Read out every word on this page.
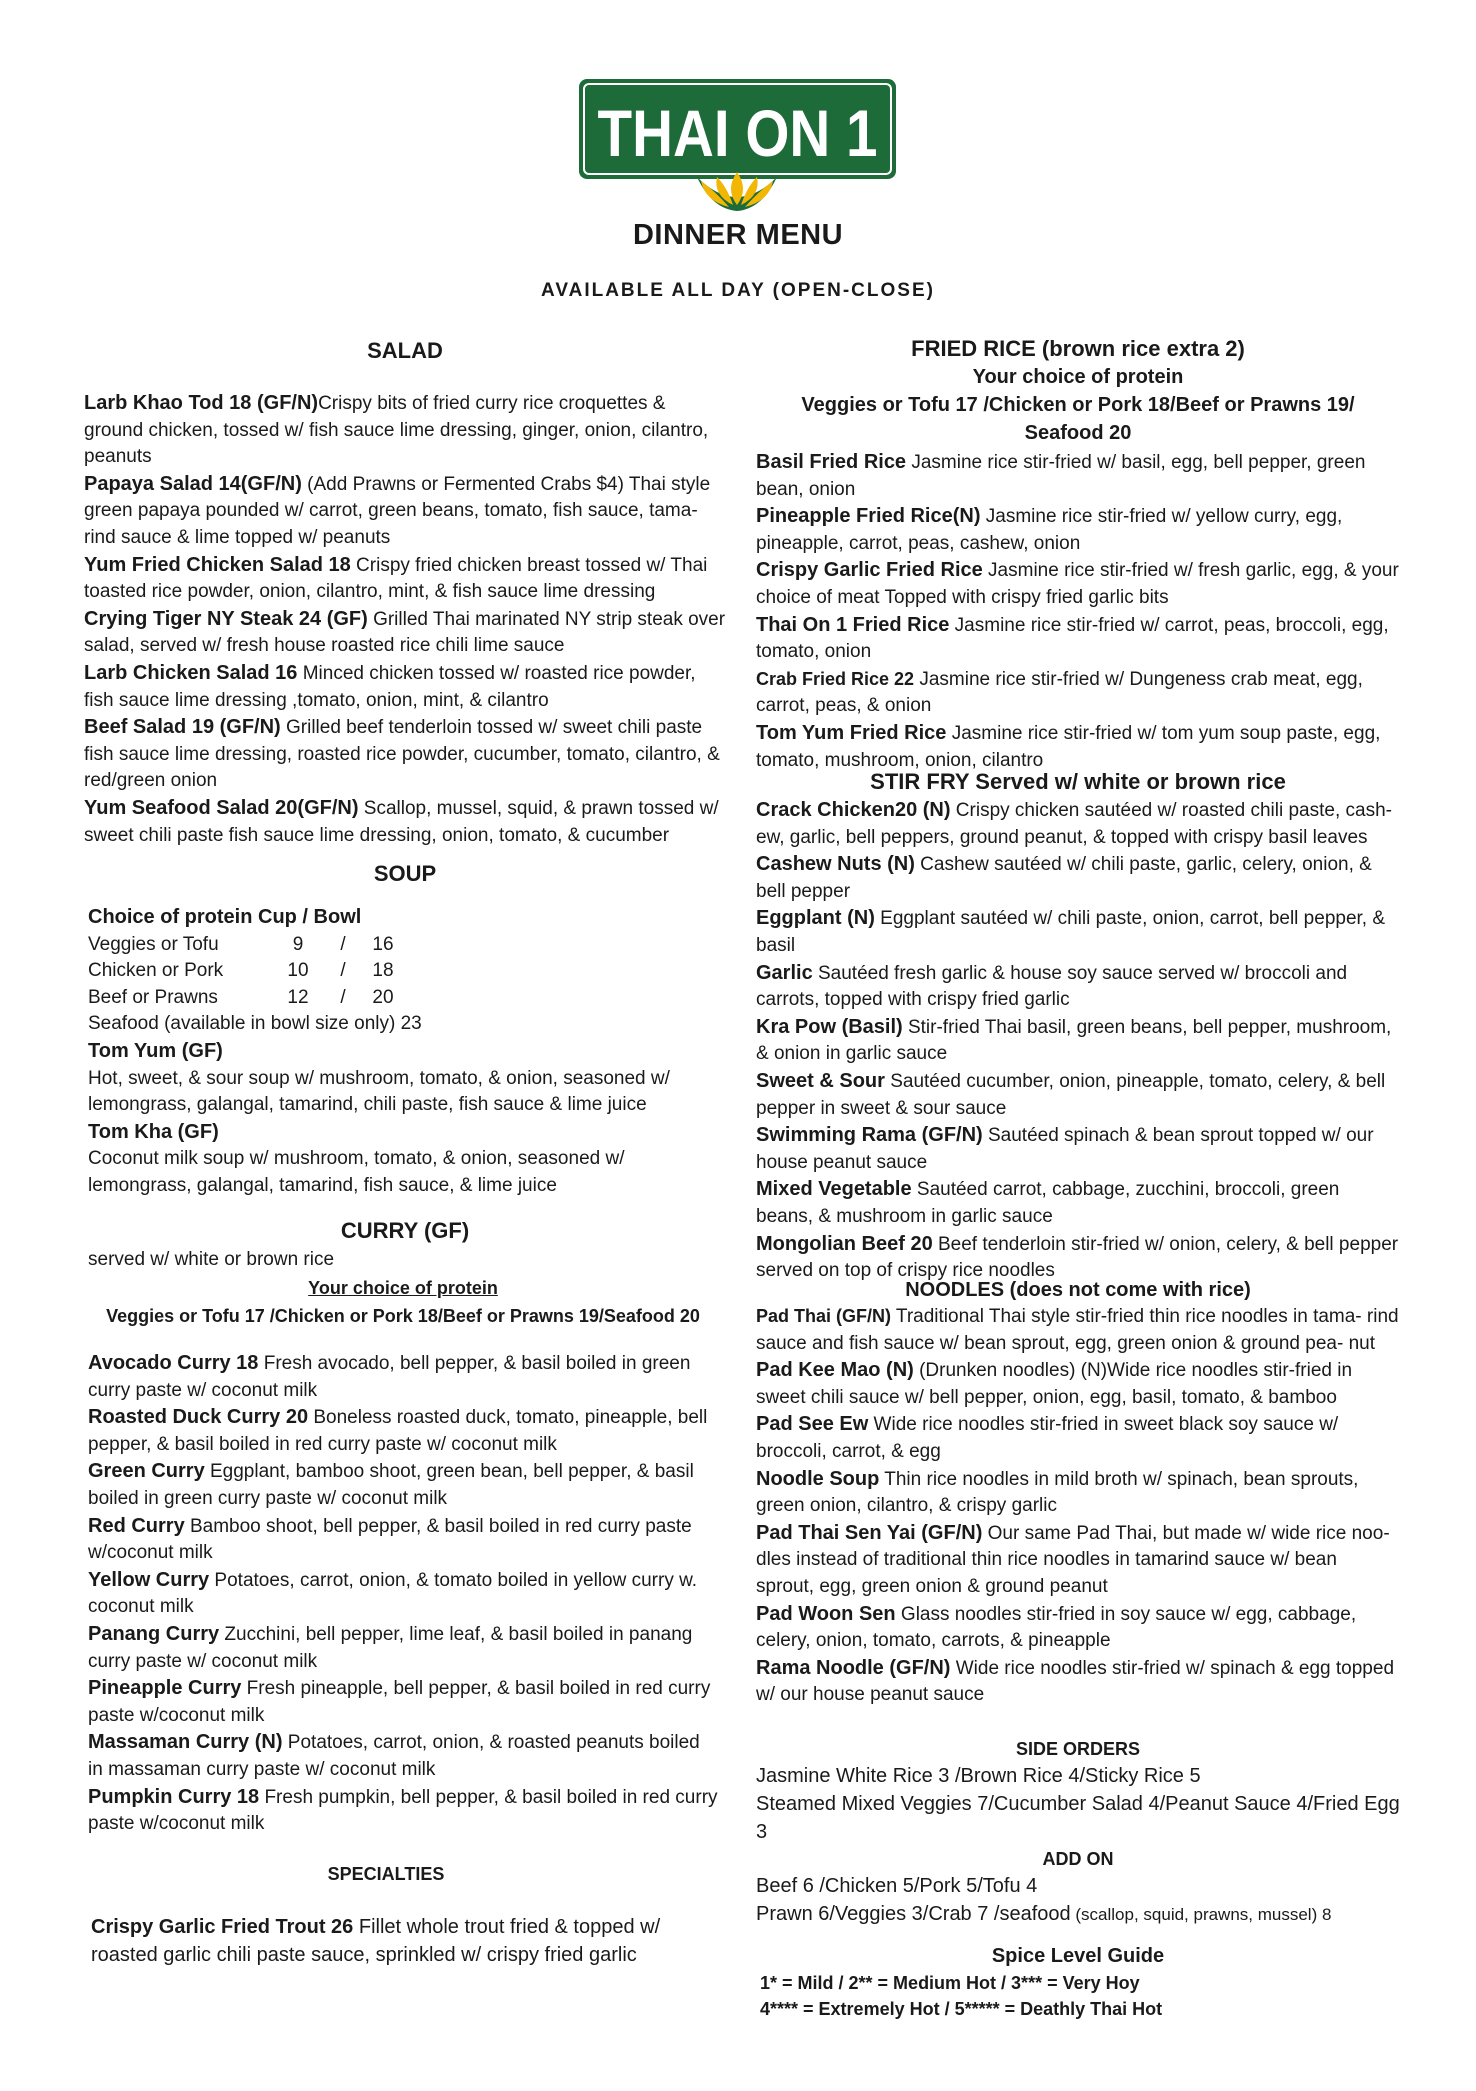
THAI ON 1
DINNER MENU
AVAILABLE ALL DAY (OPEN-CLOSE)
SALAD
Larb Khao Tod 18 (GF/N)Crispy bits of fried curry rice croquettes & ground chicken, tossed w/ fish sauce lime dressing, ginger, onion, cilantro, peanuts
Papaya Salad 14(GF/N) (Add Prawns or Fermented Crabs $4) Thai style green papaya pounded w/ carrot, green beans, tomato, fish sauce, tama- rind sauce & lime topped w/ peanuts
Yum Fried Chicken Salad 18 Crispy fried chicken breast tossed w/ Thai toasted rice powder, onion, cilantro, mint, & fish sauce lime dressing
Crying Tiger NY Steak 24 (GF) Grilled Thai marinated NY strip steak over salad, served w/ fresh house roasted rice chili lime sauce
Larb Chicken Salad 16 Minced chicken tossed w/ roasted rice powder, fish sauce lime dressing ,tomato, onion, mint, & cilantro
Beef Salad 19 (GF/N) Grilled beef tenderloin tossed w/ sweet chili paste fish sauce lime dressing, roasted rice powder, cucumber, tomato, cilantro, & red/green onion
Yum Seafood Salad 20(GF/N) Scallop, mussel, squid, & prawn tossed w/ sweet chili paste fish sauce lime dressing, onion, tomato, & cucumber
SOUP
Choice of protein Cup / Bowl
Veggies or Tofu	9	/	16
Chicken or Pork	10	/	18
Beef or Prawns	12	/	20
Seafood (available in bowl size only) 23
Tom Yum (GF)
Hot, sweet, & sour soup w/ mushroom, tomato, & onion, seasoned w/ lemongrass, galangal, tamarind, chili paste, fish sauce & lime juice
Tom Kha (GF)
Coconut milk soup w/ mushroom, tomato, & onion, seasoned w/ lemongrass, galangal, tamarind, fish sauce, & lime juice
CURRY (GF)
served w/ white or brown rice
Your choice of protein
Veggies or Tofu 17 /Chicken or Pork 18/Beef or Prawns 19/Seafood 20
Avocado Curry 18 Fresh avocado, bell pepper, & basil boiled in green curry paste w/ coconut milk
Roasted Duck Curry 20 Boneless roasted duck, tomato, pineapple, bell pepper, & basil boiled in red curry paste w/ coconut milk
Green Curry Eggplant, bamboo shoot, green bean, bell pepper, & basil boiled in green curry paste w/ coconut milk
Red Curry Bamboo shoot, bell pepper, & basil boiled in red curry paste w/coconut milk
Yellow Curry Potatoes, carrot, onion, & tomato boiled in yellow curry w. coconut milk
Panang Curry Zucchini, bell pepper, lime leaf, & basil boiled in panang curry paste w/ coconut milk
Pineapple Curry Fresh pineapple, bell pepper, & basil boiled in red curry paste w/coconut milk
Massaman Curry (N) Potatoes, carrot, onion, & roasted peanuts boiled in massaman curry paste w/ coconut milk
Pumpkin Curry 18 Fresh pumpkin, bell pepper, & basil boiled in red curry paste w/coconut milk
SPECIALTIES
Crispy Garlic Fried Trout 26 Fillet whole trout fried & topped w/ roasted garlic chili paste sauce, sprinkled w/ crispy fried garlic
FRIED RICE (brown rice extra 2)
Your choice of protein
Veggies or Tofu 17 /Chicken or Pork 18/Beef or Prawns 19/
Seafood 20
Basil Fried Rice Jasmine rice stir-fried w/ basil, egg, bell pepper, green bean, onion
Pineapple Fried Rice(N) Jasmine rice stir-fried w/ yellow curry, egg, pineapple, carrot, peas, cashew, onion
Crispy Garlic Fried Rice Jasmine rice stir-fried w/ fresh garlic, egg, & your choice of meat Topped with crispy fried garlic bits
Thai On 1 Fried Rice Jasmine rice stir-fried w/ carrot, peas, broccoli, egg, tomato, onion
Crab Fried Rice 22 Jasmine rice stir-fried w/ Dungeness crab meat, egg, carrot, peas, & onion
Tom Yum Fried Rice Jasmine rice stir-fried w/ tom yum soup paste, egg, tomato, mushroom, onion, cilantro
STIR FRY Served w/ white or brown rice
Crack Chicken20 (N) Crispy chicken sautéed w/ roasted chili paste, cash- ew, garlic, bell peppers, ground peanut, & topped with crispy basil leaves
Cashew Nuts (N) Cashew sautéed w/ chili paste, garlic, celery, onion, & bell pepper
Eggplant (N) Eggplant sautéed w/ chili paste, onion, carrot, bell pepper, & basil
Garlic Sautéed fresh garlic & house soy sauce served w/ broccoli and carrots, topped with crispy fried garlic
Kra Pow (Basil) Stir-fried Thai basil, green beans, bell pepper, mushroom, & onion in garlic sauce
Sweet & Sour Sautéed cucumber, onion, pineapple, tomato, celery, & bell pepper in sweet & sour sauce
Swimming Rama (GF/N) Sautéed spinach & bean sprout topped w/ our house peanut sauce
Mixed Vegetable Sautéed carrot, cabbage, zucchini, broccoli, green beans, & mushroom in garlic sauce
Mongolian Beef 20 Beef tenderloin stir-fried w/ onion, celery, & bell pepper served on top of crispy rice noodles
NOODLES (does not come with rice)
Pad Thai (GF/N) Traditional Thai style stir-fried thin rice noodles in tama- rind sauce and fish sauce w/ bean sprout, egg, green onion & ground pea- nut
Pad Kee Mao (N) (Drunken noodles) (N)Wide rice noodles stir-fried in sweet chili sauce w/ bell pepper, onion, egg, basil, tomato, & bamboo
Pad See Ew Wide rice noodles stir-fried in sweet black soy sauce w/ broccoli, carrot, & egg
Noodle Soup Thin rice noodles in mild broth w/ spinach, bean sprouts, green onion, cilantro, & crispy garlic
Pad Thai Sen Yai (GF/N) Our same Pad Thai, but made w/ wide rice noo- dles instead of traditional thin rice noodles in tamarind sauce w/ bean sprout, egg, green onion & ground peanut
Pad Woon Sen Glass noodles stir-fried in soy sauce w/ egg, cabbage, celery, onion, tomato, carrots, & pineapple
Rama Noodle (GF/N) Wide rice noodles stir-fried w/ spinach & egg topped w/ our house peanut sauce
SIDE ORDERS
Jasmine White Rice 3 /Brown Rice 4/Sticky Rice 5
Steamed Mixed Veggies 7/Cucumber Salad 4/Peanut Sauce 4/Fried Egg 3
ADD ON
Beef 6 /Chicken 5/Pork 5/Tofu 4
Prawn 6/Veggies 3/Crab 7 /seafood (scallop, squid, prawns, mussel) 8
Spice Level Guide
1* = Mild / 2** = Medium Hot / 3*** = Very Hoy
4**** = Extremely Hot / 5***** = Deathly Thai Hot
